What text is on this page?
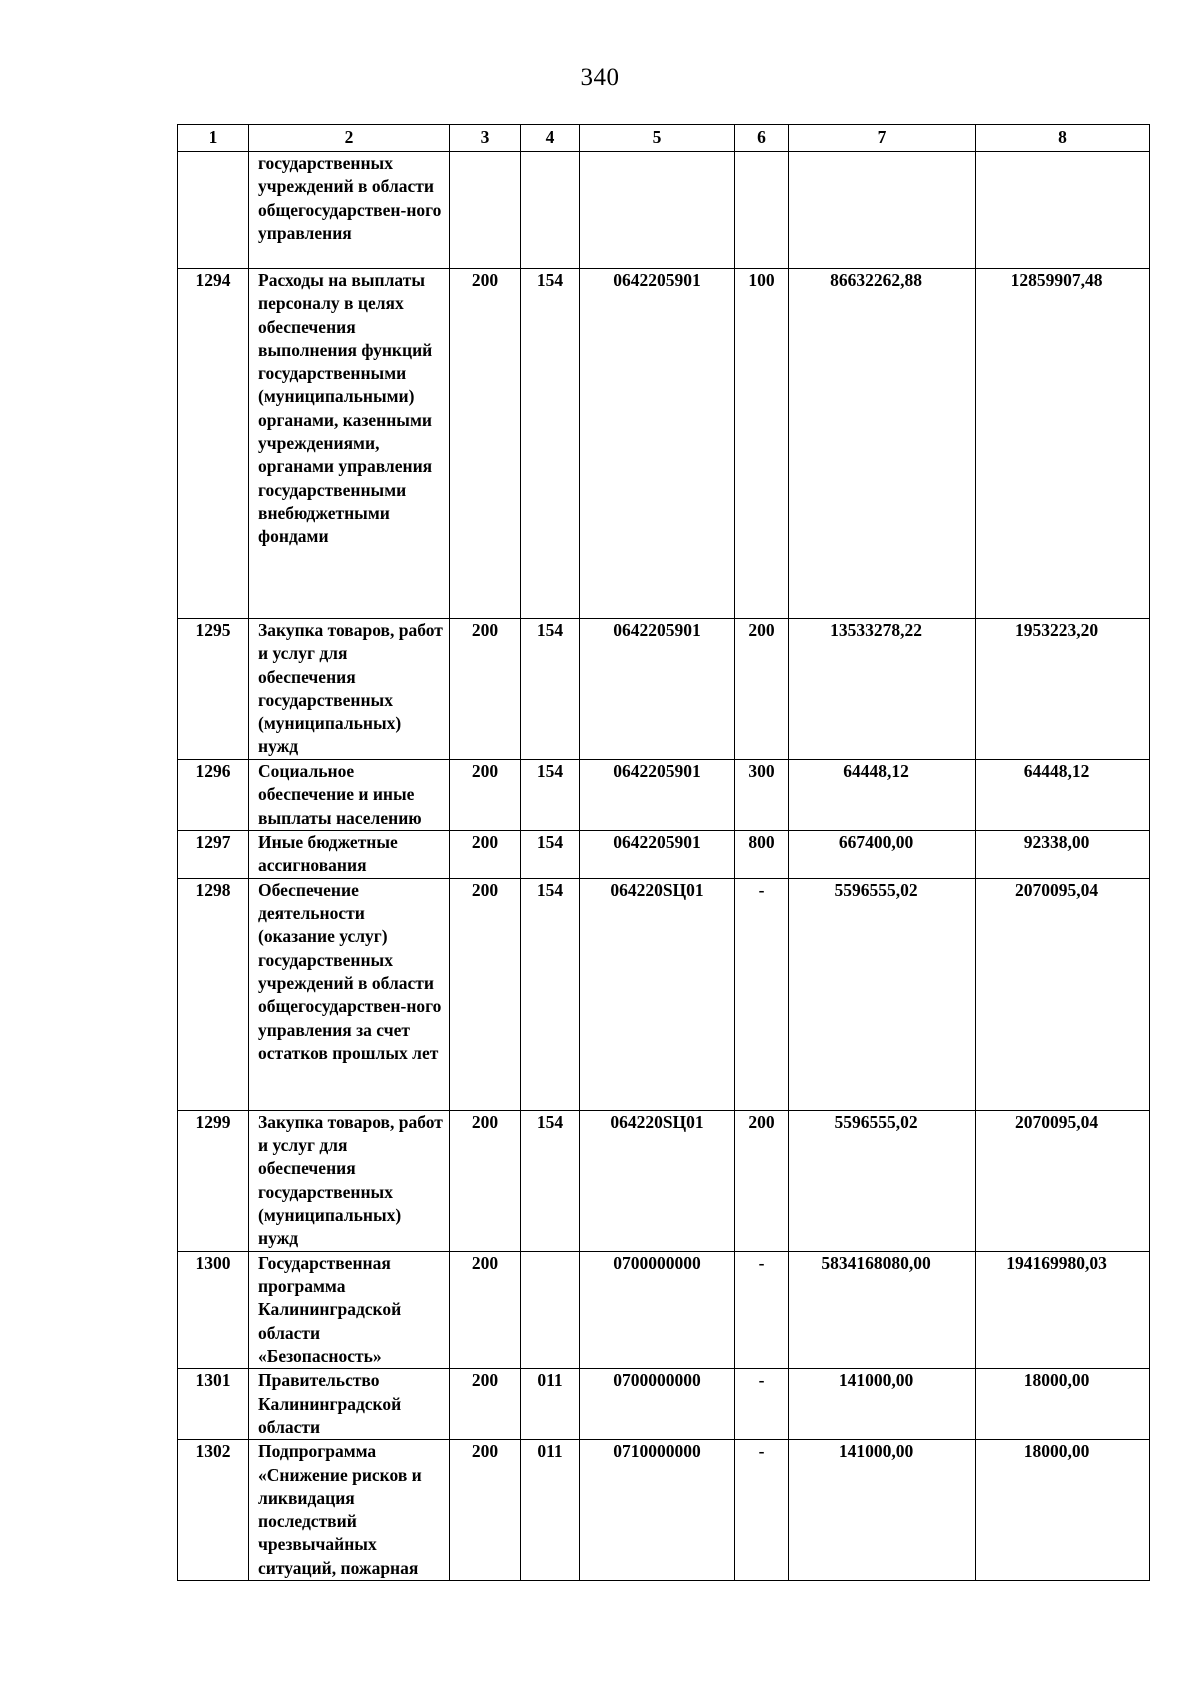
340
1	2	3	4	5	6	7	8
	государственных учреждений в области общегосударствен-ного управления						
1294	Расходы на выплаты персоналу в целях обеспечения выполнения функций государственными (муниципальными) органами, казенными учреждениями, органами управления государственными внебюджетными фондами	200	154	0642205901	100	86632262,88	12859907,48
1295	Закупка товаров, работ и услуг для обеспечения государственных (муниципальных) нужд	200	154	0642205901	200	13533278,22	1953223,20
1296	Социальное обеспечение и иные выплаты населению	200	154	0642205901	300	64448,12	64448,12
1297	Иные бюджетные ассигнования	200	154	0642205901	800	667400,00	92338,00
1298	Обеспечение деятельности (оказание услуг) государственных учреждений в области общегосударствен-ного управления за счет остатков прошлых лет	200	154	064220SЦ01	-	5596555,02	2070095,04
1299	Закупка товаров, работ и услуг для обеспечения государственных (муниципальных) нужд	200	154	064220SЦ01	200	5596555,02	2070095,04
1300	Государственная программа Калининградской области «Безопасность»	200		0700000000	-	5834168080,00	194169980,03
1301	Правительство Калининградской области	200	011	0700000000	-	141000,00	18000,00
1302	Подпрограмма «Снижение рисков и ликвидация последствий чрезвычайных ситуаций, пожарная	200	011	0710000000	-	141000,00	18000,00
